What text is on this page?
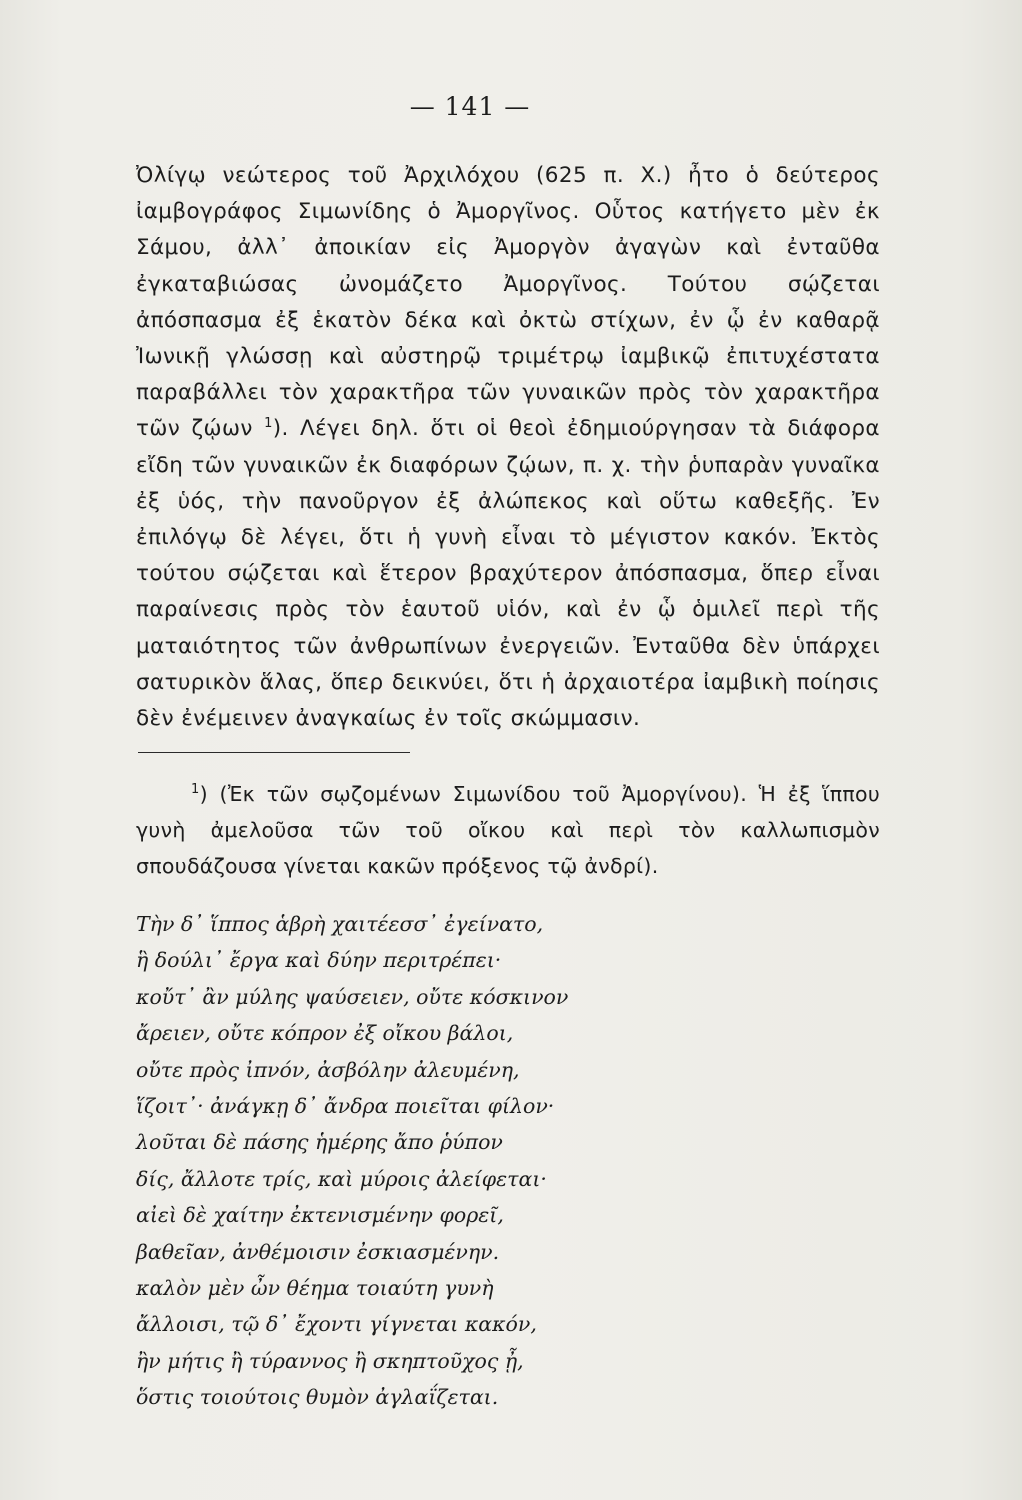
— 141 —

Ὀλίγῳ νεώτερος τοῦ Ἀρχιλόχου (625 π. Χ.) ἦτο ὁ δεύτερος ἰαμβογράφος Σιμωνίδης ὁ Ἀμοργῖνος. Οὗτος κατήγετο μὲν ἐκ Σάμου, ἀλλ᾽ ἀποικίαν εἰς Ἀμοργὸν ἀγαγὼν καὶ ἐνταῦθα ἐγκαταβιώσας ὠνομάζετο Ἀμοργῖνος. Τούτου σῴζεται ἀπόσπασμα ἐξ ἑκατὸν δέκα καὶ ὀκτὼ στίχων, ἐν ᾧ ἐν καθαρᾷ Ἰωνικῇ γλώσσῃ καὶ αὐστηρῷ τριμέτρῳ ἰαμβικῷ ἐπιτυχέστατα παραβάλλει τὸν χαρακτῆρα τῶν γυναικῶν πρὸς τὸν χαρακτῆρα τῶν ζῴων $^1$). Λέγει δηλ. ὅτι οἱ θεοὶ ἐδημιούργησαν τὰ διάφορα εἴδη τῶν γυναικῶν ἐκ διαφόρων ζῴων, π. χ. τὴν ῥυπαρὰν γυναῖκα ἐξ ὑός, τὴν πανοῦργον ἐξ ἀλώπεκος καὶ οὕτω καθεξῆς. Ἐν ἐπιλόγῳ δὲ λέγει, ὅτι ἡ γυνὴ εἶναι τὸ μέγιστον κακόν. Ἐκτὸς τούτου σῴζεται καὶ ἕτερον βραχύτερον ἀπόσπασμα, ὅπερ εἶναι παραίνεσις πρὸς τὸν ἑαυτοῦ υἱόν, καὶ ἐν ᾧ ὁμιλεῖ περὶ τῆς ματαιότητος τῶν ἀνθρωπίνων ἐνεργειῶν. Ἐνταῦθα δὲν ὑπάρχει σατυρικὸν ἅλας, ὅπερ δεικνύει, ὅτι ἡ ἀρχαιοτέρα ἰαμβικὴ ποίησις δὲν ἐνέμεινεν ἀναγκαίως ἐν τοῖς σκώμμασιν.

$^1$) (Ἐκ τῶν σῳζομένων Σιμωνίδου τοῦ Ἀμοργίνου). Ἡ ἐξ ἵππου γυνὴ ἀμελοῦσα τῶν τοῦ οἴκου καὶ περὶ τὸν καλλωπισμὸν σπουδάζουσα γίνεται κακῶν πρόξενος τῷ ἀνδρί).

Τὴν δ᾽ ἵππος ἁβρὴ χαιτέεσσ᾽ ἐγείνατο,
ἣ δούλι᾽ ἔργα καὶ δύην περιτρέπει·
κοὔτ᾽ ἂν μύλης ψαύσειεν, οὔτε κόσκινον
ἄρειεν, οὔτε κόπρον ἐξ οἴκου βάλοι,
οὔτε πρὸς ἰπνόν, ἀσβόλην ἀλευμένη,
ἵζοιτ᾽· ἀνάγκῃ δ᾽ ἄνδρα ποιεῖται φίλον·
λοῦται δὲ πάσης ἡμέρης ἄπο ῥύπον
δίς, ἄλλοτε τρίς, καὶ μύροις ἀλείφεται·
αἰεὶ δὲ χαίτην ἐκτενισμένην φορεῖ,
βαθεῖαν, ἀνθέμοισιν ἐσκιασμένην.
καλὸν μὲν ὦν θέημα τοιαύτη γυνὴ
ἄλλοισι, τῷ δ᾽ ἔχοντι γίγνεται κακόν,
ἢν μήτις ἢ τύραννος ἢ σκηπτοῦχος ᾖ,
ὅστις τοιούτοις θυμὸν ἀγλαΐζεται.
